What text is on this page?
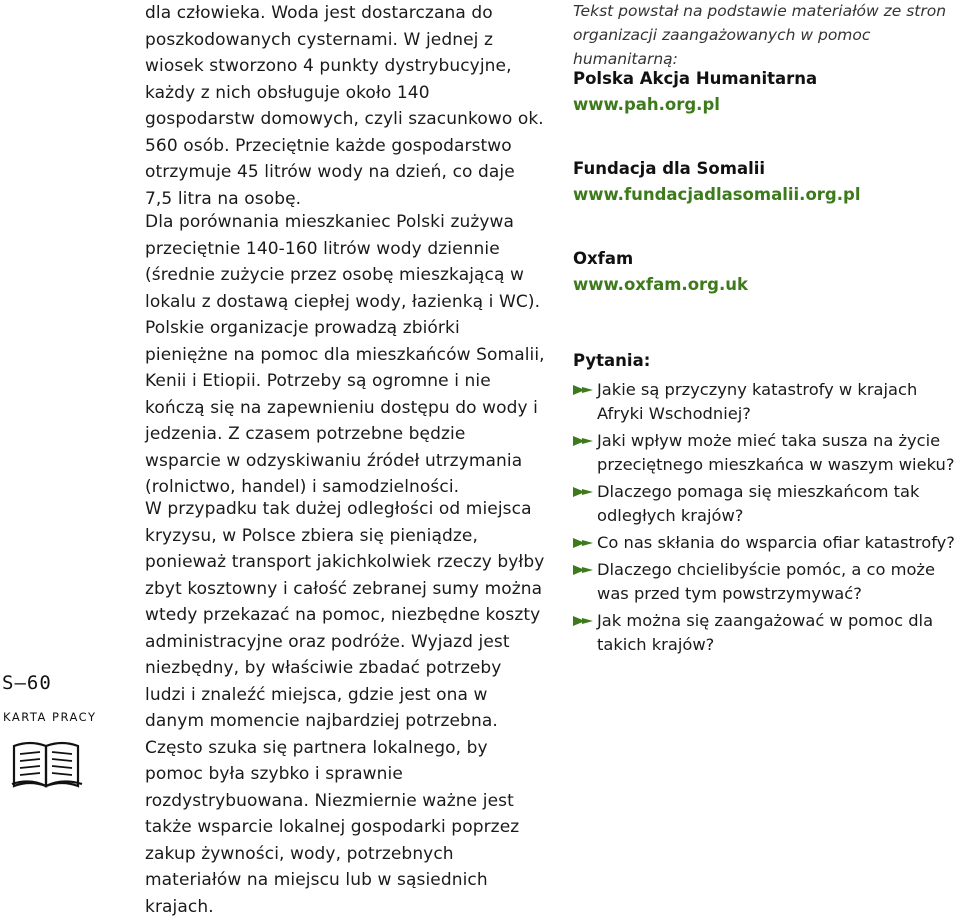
S–60
KARTA PRACY

dla człowieka. Woda jest dostarczana do poszkodowanych cysternami. W jednej z wiosek stworzono 4 punkty dystrybucyjne, każdy z nich obsługuje około 140 gospodarstw domowych, czyli szacunkowo ok. 560 osób. Przeciętnie każde gospodarstwo otrzymuje 45 litrów wody na dzień, co daje 7,5 litra na osobę.

Dla porównania mieszkaniec Polski zużywa przeciętnie 140-160 litrów wody dziennie (średnie zużycie przez osobę mieszkającą w lokalu z dostawą ciepłej wody, łazienką i WC). Polskie organizacje prowadzą zbiórki pieniężne na pomoc dla mieszkańców Somalii, Kenii i Etiopii. Potrzeby są ogromne i nie kończą się na zapewnieniu dostępu do wody i jedzenia. Z czasem potrzebne będzie wsparcie w odzyskiwaniu źródeł utrzymania (rolnictwo, handel) i samodzielności.

W przypadku tak dużej odległości od miejsca kryzysu, w Polsce zbiera się pieniądze, ponieważ transport jakichkolwiek rzeczy byłby zbyt kosztowny i całość zebranej sumy można wtedy przekazać na pomoc, niezbędne koszty administracyjne oraz podróże. Wyjazd jest niezbędny, by właściwie zbadać potrzeby ludzi i znaleźć miejsca, gdzie jest ona w danym momencie najbardziej potrzebna. Często szuka się partnera lokalnego, by pomoc była szybko i sprawnie rozdystrybuowana. Niezmiernie ważne jest także wsparcie lokalnej gospodarki poprzez zakup żywności, wody, potrzebnych materiałów na miejscu lub w sąsiednich krajach.

Tekst powstał na podstawie materiałów ze stron organizacji zaangażowanych w pomoc humanitarną:
Polska Akcja Humanitarna
www.pah.org.pl
Fundacja dla Somalii
www.fundacjadlasomalii.org.pl
Oxfam
www.oxfam.org.uk
Pytania:
Jakie są przyczyny katastrofy w krajach Afryki Wschodniej?
Jaki wpływ może mieć taka susza na życie przeciętnego mieszkańca w waszym wieku?
Dlaczego pomaga się mieszkańcom tak odległych krajów?
Co nas skłania do wsparcia ofiar katastrofy?
Dlaczego chcielibyście pomóc, a co może was przed tym powstrzymywać?
Jak można się zaangażować w pomoc dla takich krajów?
